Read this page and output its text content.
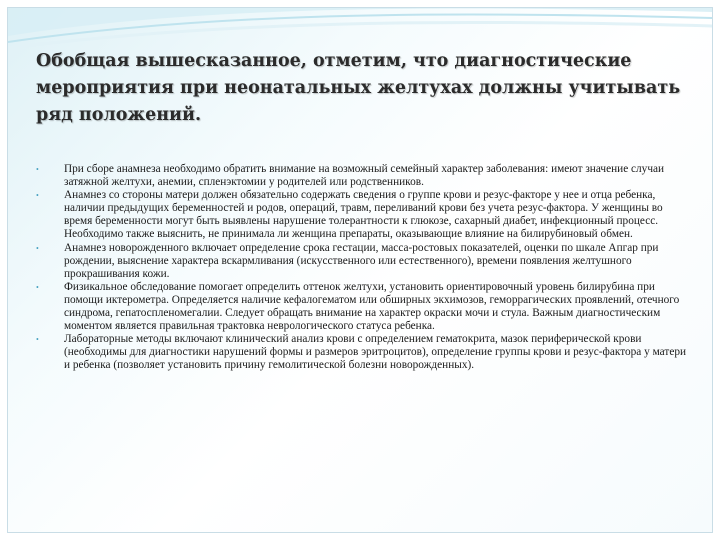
Обобщая вышесказанное, отметим, что диагностические мероприятия при неонатальных желтухах должны учитывать ряд положений.
•	При сборе анамнеза необходимо обратить внимание на возможный семейный характер заболевания: имеют значение случаи затяжной желтухи, анемии, спленэктомии у родителей или родственников.
•	Анамнез со стороны матери должен обязательно содержать сведения о группе крови и резус-факторе у нее и отца ребенка, наличии предыдущих беременностей и родов, операций, травм, переливаний крови без учета резус-фактора. У женщины во время беременности могут быть выявлены нарушение толерантности к глюкозе, сахарный диабет, инфекционный процесс. Необходимо также выяснить, не принимала ли женщина препараты, оказывающие влияние на билирубиновый обмен.
•	Анамнез новорожденного включает определение срока гестации, масса-ростовых показателей, оценки по шкале Апгар при рождении, выяснение характера вскармливания (искусственного или естественного), времени появления желтушного прокрашивания кожи.
•	Физикальное обследование помогает определить оттенок желтухи, установить ориентировочный уровень билирубина при помощи иктерометра. Определяется наличие кефалогематом или обширных экхимозов, геморрагических проявлений, отечного синдрома, гепатоспленомегалии. Следует обращать внимание на характер окраски мочи и стула. Важным диагностическим моментом является правильная трактовка неврологического статуса ребенка.
•	Лабораторные методы включают клинический анализ крови с определением гематокрита, мазок периферической крови (необходимы для диагностики нарушений формы и размеров эритроцитов), определение группы крови и резус-фактора у матери и ребенка (позволяет установить причину гемолитической болезни новорожденных).
